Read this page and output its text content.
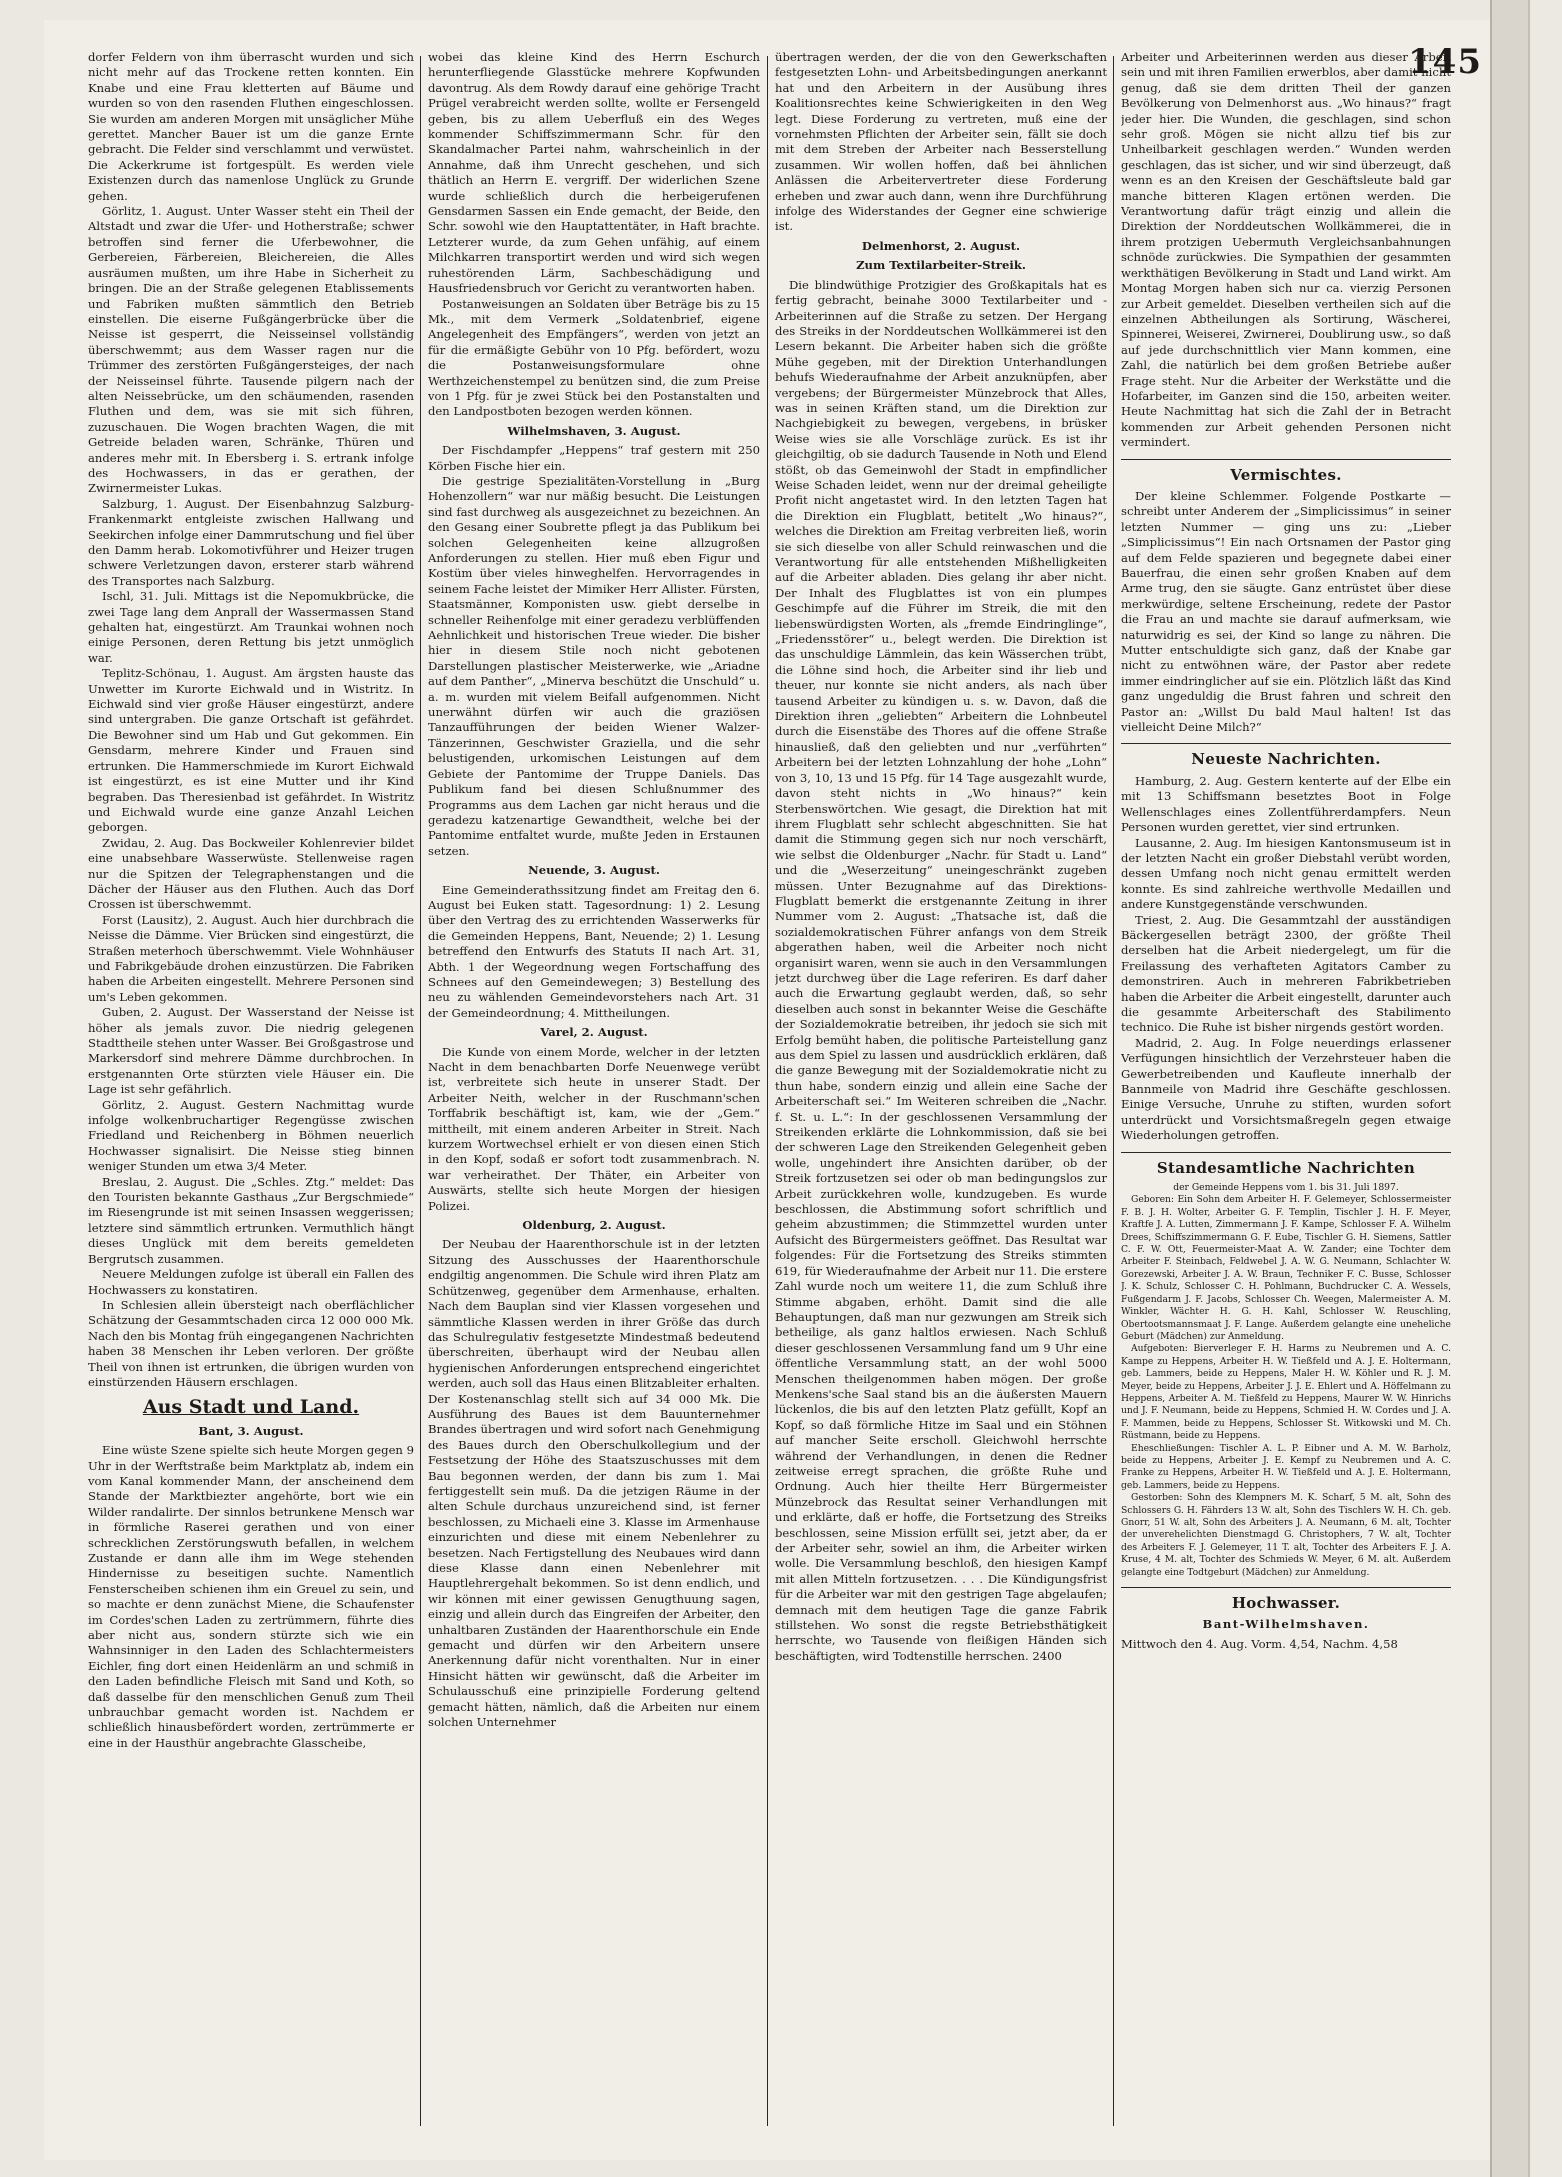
145

dorfer Feldern von ihm überrascht wurden und sich nicht mehr auf das Trockene retten konnten. Ein Knabe und eine Frau kletterten auf Bäume und wurden so von den rasenden Fluthen eingeschlossen. Sie wurden am anderen Morgen mit unsäglicher Mühe gerettet. Mancher Bauer ist um die ganze Ernte gebracht. Die Felder sind verschlammt und verwüstet. Die Ackerkrume ist fortgespült. Es werden viele Existenzen durch das namenlose Unglück zu Grunde gehen.

Görlitz, 1. August. Unter Wasser steht ein Theil der Altstadt und zwar die Ufer- und Hotherstraße; schwer betroffen sind ferner die Uferbewohner, die Gerbereien, Färbereien, Bleichereien, die Alles ausräumen mußten, um ihre Habe in Sicherheit zu bringen. Die an der Straße gelegenen Etablissements und Fabriken mußten sämmtlich den Betrieb einstellen. Die eiserne Fußgängerbrücke über die Neisse ist gesperrt, die Neisseinsel vollständig überschwemmt; aus dem Wasser ragen nur die Trümmer des zerstörten Fußgängersteiges, der nach der Neisseinsel führte. Tausende pilgern nach der alten Neissebrücke, um den schäumenden, rasenden Fluthen und dem, was sie mit sich führen, zuzuschauen. Die Wogen brachten Wagen, die mit Getreide beladen waren, Schränke, Thüren und anderes mehr mit. In Ebersberg i. S. ertrank infolge des Hochwassers, in das er gerathen, der Zwirnermeister Lukas.

Salzburg, 1. August. Der Eisenbahnzug Salzburg-Frankenmarkt entgleiste zwischen Hallwang und Seekirchen infolge einer Dammrutschung und fiel über den Damm herab. Lokomotivführer und Heizer trugen schwere Verletzungen davon, ersterer starb während des Transportes nach Salzburg.

Ischl, 31. Juli. Mittags ist die Nepomukbrücke, die zwei Tage lang dem Anprall der Wassermassen Stand gehalten hat, eingestürzt. Am Traunkai wohnen noch einige Personen, deren Rettung bis jetzt unmöglich war.

Teplitz-Schönau, 1. August. Am ärgsten hauste das Unwetter im Kurorte Eichwald und in Wistritz. In Eichwald sind vier große Häuser eingestürzt, andere sind untergraben. Die ganze Ortschaft ist gefährdet. Die Bewohner sind um Hab und Gut gekommen. Ein Gensdarm, mehrere Kinder und Frauen sind ertrunken. Die Hammerschmiede im Kurort Eichwald ist eingestürzt, es ist eine Mutter und ihr Kind begraben. Das Theresienbad ist gefährdet. In Wistritz und Eichwald wurde eine ganze Anzahl Leichen geborgen.

Zwidau, 2. Aug. Das Bockweiler Kohlenrevier bildet eine unabsehbare Wasserwüste. Stellenweise ragen nur die Spitzen der Telegraphenstangen und die Dächer der Häuser aus den Fluthen. Auch das Dorf Crossen ist überschwemmt.

Forst (Lausitz), 2. August. Auch hier durchbrach die Neisse die Dämme. Vier Brücken sind eingestürzt, die Straßen meterhoch überschwemmt. Viele Wohnhäuser und Fabrikgebäude drohen einzustürzen. Die Fabriken haben die Arbeiten eingestellt. Mehrere Personen sind um's Leben gekommen.

Guben, 2. August. Der Wasserstand der Neisse ist höher als jemals zuvor. Die niedrig gelegenen Stadttheile stehen unter Wasser. Bei Großgastrose und Markersdorf sind mehrere Dämme durchbrochen. In erstgenannten Orte stürzten viele Häuser ein. Die Lage ist sehr gefährlich.

Görlitz, 2. August. Gestern Nachmittag wurde infolge wolkenbruchartiger Regengüsse zwischen Friedland und Reichenberg in Böhmen neuerlich Hochwasser signalisirt. Die Neisse stieg binnen weniger Stunden um etwa 3/4 Meter.

Breslau, 2. August. Die „Schles. Ztg.“ meldet: Das den Touristen bekannte Gasthaus „Zur Bergschmiede“ im Riesengrunde ist mit seinen Insassen weggerissen; letztere sind sämmtlich ertrunken. Vermuthlich hängt dieses Unglück mit dem bereits gemeldeten Bergrutsch zusammen.

Neuere Meldungen zufolge ist überall ein Fallen des Hochwassers zu konstatiren.

In Schlesien allein übersteigt nach oberflächlicher Schätzung der Gesammtschaden circa 12 000 000 Mk. Nach den bis Montag früh eingegangenen Nachrichten haben 38 Menschen ihr Leben verloren. Der größte Theil von ihnen ist ertrunken, die übrigen wurden von einstürzenden Häusern erschlagen.

Aus Stadt und Land.
Bant, 3. August.

Eine wüste Szene spielte sich heute Morgen gegen 9 Uhr in der Werftstraße beim Marktplatz ab, indem ein vom Kanal kommender Mann, der anscheinend dem Stande der Marktbiezter angehörte, bort wie ein Wilder randalirte. Der sinnlos betrunkene Mensch war in förmliche Raserei gerathen und von einer schrecklichen Zerstörungswuth befallen, in welchem Zustande er dann alle ihm im Wege stehenden Hindernisse zu beseitigen suchte. Namentlich Fensterscheiben schienen ihm ein Greuel zu sein, und so machte er denn zunächst Miene, die Schaufenster im Cordes'schen Laden zu zertrümmern, führte dies aber nicht aus, sondern stürzte sich wie ein Wahnsinniger in den Laden des Schlachtermeisters Eichler, fing dort einen Heidenlärm an und schmiß in den Laden befindliche Fleisch mit Sand und Koth, so daß dasselbe für den menschlichen Genuß zum Theil unbrauchbar gemacht worden ist. Nachdem er schließlich hinausbefördert worden, zertrümmerte er eine in der Hausthür angebrachte Glasscheibe,

wobei das kleine Kind des Herrn Eschurch herunterfliegende Glasstücke mehrere Kopfwunden davontrug. Als dem Rowdy darauf eine gehörige Tracht Prügel verabreicht werden sollte, wollte er Fersengeld geben, bis zu allem Ueberfluß ein des Weges kommender Schiffszimmermann Schr. für den Skandalmacher Partei nahm, wahrscheinlich in der Annahme, daß ihm Unrecht geschehen, und sich thätlich an Herrn E. vergriff. Der widerlichen Szene wurde schließlich durch die herbeigerufenen Gensdarmen Sassen ein Ende gemacht, der Beide, den Schr. sowohl wie den Hauptattentäter, in Haft brachte. Letzterer wurde, da zum Gehen unfähig, auf einem Milchkarren transportirt werden und wird sich wegen ruhestörenden Lärm, Sachbeschädigung und Hausfriedensbruch vor Gericht zu verantworten haben.

Postanweisungen an Soldaten über Beträge bis zu 15 Mk., mit dem Vermerk „Soldatenbrief, eigene Angelegenheit des Empfängers“, werden von jetzt an für die ermäßigte Gebühr von 10 Pfg. befördert, wozu die Postanweisungsformulare ohne Werthzeichenstempel zu benützen sind, die zum Preise von 1 Pfg. für je zwei Stück bei den Postanstalten und den Landpostboten bezogen werden können.

Wilhelmshaven, 3. August.

Der Fischdampfer „Heppens“ traf gestern mit 250 Körben Fische hier ein.

Die gestrige Spezialitäten-Vorstellung in „Burg Hohenzollern“ war nur mäßig besucht. Die Leistungen sind fast durchweg als ausgezeichnet zu bezeichnen. An den Gesang einer Soubrette pflegt ja das Publikum bei solchen Gelegenheiten keine allzugroßen Anforderungen zu stellen. Hier muß eben Figur und Kostüm über vieles hinweghelfen. Hervorragendes in seinem Fache leistet der Mimiker Herr Allister. Fürsten, Staatsmänner, Komponisten usw. giebt derselbe in schneller Reihenfolge mit einer geradezu verblüffenden Aehnlichkeit und historischen Treue wieder. Die bisher hier in diesem Stile noch nicht gebotenen Darstellungen plastischer Meisterwerke, wie „Ariadne auf dem Panther“, „Minerva beschützt die Unschuld“ u. a. m. wurden mit vielem Beifall aufgenommen. Nicht unerwähnt dürfen wir auch die graziösen Tanzaufführungen der beiden Wiener Walzer-Tänzerinnen, Geschwister Graziella, und die sehr belustigenden, urkomischen Leistungen auf dem Gebiete der Pantomime der Truppe Daniels. Das Publikum fand bei diesen Schlußnummer des Programms aus dem Lachen gar nicht heraus und die geradezu katzenartige Gewandtheit, welche bei der Pantomime entfaltet wurde, mußte Jeden in Erstaunen setzen.

Neuende, 3. August.

Eine Gemeinderathssitzung findet am Freitag den 6. August bei Euken statt. Tagesordnung: 1) 2. Lesung über den Vertrag des zu errichtenden Wasserwerks für die Gemeinden Heppens, Bant, Neuende; 2) 1. Lesung betreffend den Entwurfs des Statuts II nach Art. 31, Abth. 1 der Wegeordnung wegen Fortschaffung des Schnees auf den Gemeindewegen; 3) Bestellung des neu zu wählenden Gemeindevorstehers nach Art. 31 der Gemeindeordnung; 4. Mittheilungen.

Varel, 2. August.

Die Kunde von einem Morde, welcher in der letzten Nacht in dem benachbarten Dorfe Neuenwege verübt ist, verbreitete sich heute in unserer Stadt. Der Arbeiter Neith, welcher in der Ruschmann'schen Torffabrik beschäftigt ist, kam, wie der „Gem.“ mittheilt, mit einem anderen Arbeiter in Streit. Nach kurzem Wortwechsel erhielt er von diesen einen Stich in den Kopf, sodaß er sofort todt zusammenbrach. N. war verheirathet. Der Thäter, ein Arbeiter von Auswärts, stellte sich heute Morgen der hiesigen Polizei.

Oldenburg, 2. August.

Der Neubau der Haarenthorschule ist in der letzten Sitzung des Ausschusses der Haarenthorschule endgiltig angenommen. Die Schule wird ihren Platz am Schützenweg, gegenüber dem Armenhause, erhalten. Nach dem Bauplan sind vier Klassen vorgesehen und sämmtliche Klassen werden in ihrer Größe das durch das Schulregulativ festgesetzte Mindestmaß bedeutend überschreiten, überhaupt wird der Neubau allen hygienischen Anforderungen entsprechend eingerichtet werden, auch soll das Haus einen Blitzableiter erhalten. Der Kostenanschlag stellt sich auf 34 000 Mk. Die Ausführung des Baues ist dem Bauunternehmer Brandes übertragen und wird sofort nach Genehmigung des Baues durch den Oberschulkollegium und der Festsetzung der Höhe des Staatszuschusses mit dem Bau begonnen werden, der dann bis zum 1. Mai fertiggestellt sein muß. Da die jetzigen Räume in der alten Schule durchaus unzureichend sind, ist ferner beschlossen, zu Michaeli eine 3. Klasse im Armenhause einzurichten und diese mit einem Nebenlehrer zu besetzen. Nach Fertigstellung des Neubaues wird dann diese Klasse dann einen Nebenlehrer mit Hauptlehrergehalt bekommen. So ist denn endlich, und wir können mit einer gewissen Genugthuung sagen, einzig und allein durch das Eingreifen der Arbeiter, den unhaltbaren Zuständen der Haarenthorschule ein Ende gemacht und dürfen wir den Arbeitern unsere Anerkennung dafür nicht vorenthalten. Nur in einer Hinsicht hätten wir gewünscht, daß die Arbeiter im Schulausschuß eine prinzipielle Forderung geltend gemacht hätten, nämlich, daß die Arbeiten nur einem solchen Unternehmer

übertragen werden, der die von den Gewerkschaften festgesetzten Lohn- und Arbeitsbedingungen anerkannt hat und den Arbeitern in der Ausübung ihres Koalitionsrechtes keine Schwierigkeiten in den Weg legt. Diese Forderung zu vertreten, muß eine der vornehmsten Pflichten der Arbeiter sein, fällt sie doch mit dem Streben der Arbeiter nach Besserstellung zusammen. Wir wollen hoffen, daß bei ähnlichen Anlässen die Arbeitervertreter diese Forderung erheben und zwar auch dann, wenn ihre Durchführung infolge des Widerstandes der Gegner eine schwierige ist.

Delmenhorst, 2. August.
Zum Textilarbeiter-Streik.

Die blindwüthige Protzigier des Großkapitals hat es fertig gebracht, beinahe 3000 Textilarbeiter und -Arbeiterinnen auf die Straße zu setzen. Der Hergang des Streiks in der Norddeutschen Wollkämmerei ist den Lesern bekannt. Die Arbeiter haben sich die größte Mühe gegeben, mit der Direktion Unterhandlungen behufs Wiederaufnahme der Arbeit anzuknüpfen, aber vergebens; der Bürgermeister Münzebrock that Alles, was in seinen Kräften stand, um die Direktion zur Nachgiebigkeit zu bewegen, vergebens, in brüsker Weise wies sie alle Vorschläge zurück. Es ist ihr gleichgiltig, ob sie dadurch Tausende in Noth und Elend stößt, ob das Gemeinwohl der Stadt in empfindlicher Weise Schaden leidet, wenn nur der dreimal geheiligte Profit nicht angetastet wird. In den letzten Tagen hat die Direktion ein Flugblatt, betitelt „Wo hinaus?“, welches die Direktion am Freitag verbreiten ließ, worin sie sich dieselbe von aller Schuld reinwaschen und die Verantwortung für alle entstehenden Mißhelligkeiten auf die Arbeiter abladen. Dies gelang ihr aber nicht. Der Inhalt des Flugblattes ist von ein plumpes Geschimpfe auf die Führer im Streik, die mit den liebenswürdigsten Worten, als „fremde Eindringlinge“, „Friedensstörer“ u., belegt werden. Die Direktion ist das unschuldige Lämmlein, das kein Wässerchen trübt, die Löhne sind hoch, die Arbeiter sind ihr lieb und theuer, nur konnte sie nicht anders, als nach über tausend Arbeiter zu kündigen u. s. w. Davon, daß die Direktion ihren „geliebten“ Arbeitern die Lohnbeutel durch die Eisenstäbe des Thores auf die offene Straße hinausließ, daß den geliebten und nur „verführten“ Arbeitern bei der letzten Lohnzahlung der hohe „Lohn“ von 3, 10, 13 und 15 Pfg. für 14 Tage ausgezahlt wurde, davon steht nichts in „Wo hinaus?“ kein Sterbenswörtchen. Wie gesagt, die Direktion hat mit ihrem Flugblatt sehr schlecht abgeschnitten. Sie hat damit die Stimmung gegen sich nur noch verschärft, wie selbst die Oldenburger „Nachr. für Stadt u. Land“ und die „Weserzeitung“ uneingeschränkt zugeben müssen. Unter Bezugnahme auf das Direktions-Flugblatt bemerkt die erstgenannte Zeitung in ihrer Nummer vom 2. August: „Thatsache ist, daß die sozialdemokratischen Führer anfangs von dem Streik abgerathen haben, weil die Arbeiter noch nicht organisirt waren, wenn sie auch in den Versammlungen jetzt durchweg über die Lage referiren. Es darf daher auch die Erwartung geglaubt werden, daß, so sehr dieselben auch sonst in bekannter Weise die Geschäfte der Sozialdemokratie betreiben, ihr jedoch sie sich mit Erfolg bemüht haben, die politische Parteistellung ganz aus dem Spiel zu lassen und ausdrücklich erklären, daß die ganze Bewegung mit der Sozialdemokratie nicht zu thun habe, sondern einzig und allein eine Sache der Arbeiterschaft sei.“ Im Weiteren schreiben die „Nachr. f. St. u. L.“: In der geschlossenen Versammlung der Streikenden erklärte die Lohnkommission, daß sie bei der schweren Lage den Streikenden Gelegenheit geben wolle, ungehindert ihre Ansichten darüber, ob der Streik fortzusetzen sei oder ob man bedingungslos zur Arbeit zurückkehren wolle, kundzugeben. Es wurde beschlossen, die Abstimmung sofort schriftlich und geheim abzustimmen; die Stimmzettel wurden unter Aufsicht des Bürgermeisters geöffnet. Das Resultat war folgendes: Für die Fortsetzung des Streiks stimmten 619, für Wiederaufnahme der Arbeit nur 11. Die erstere Zahl wurde noch um weitere 11, die zum Schluß ihre Stimme abgaben, erhöht. Damit sind die alle Behauptungen, daß man nur gezwungen am Streik sich betheilige, als ganz haltlos erwiesen. Nach Schluß dieser geschlossenen Versammlung fand um 9 Uhr eine öffentliche Versammlung statt, an der wohl 5000 Menschen theilgenommen haben mögen. Der große Menkens'sche Saal stand bis an die äußersten Mauern lückenlos, die bis auf den letzten Platz gefüllt, Kopf an Kopf, so daß förmliche Hitze im Saal und ein Stöhnen auf mancher Seite erscholl. Gleichwohl herrschte während der Verhandlungen, in denen die Redner zeitweise erregt sprachen, die größte Ruhe und Ordnung. Auch hier theilte Herr Bürgermeister Münzebrock das Resultat seiner Verhandlungen mit und erklärte, daß er hoffe, die Fortsetzung des Streiks beschlossen, seine Mission erfüllt sei, jetzt aber, da er der Arbeiter sehr, sowiel an ihm, die Arbeiter wirken wolle. Die Versammlung beschloß, den hiesigen Kampf mit allen Mitteln fortzusetzen. . . . Die Kündigungsfrist für die Arbeiter war mit den gestrigen Tage abgelaufen; demnach mit dem heutigen Tage die ganze Fabrik stillstehen. Wo sonst die regste Betriebsthätigkeit herrschte, wo Tausende von fleißigen Händen sich beschäftigten, wird Todtenstille herrschen. 2400

Arbeiter und Arbeiterinnen werden aus dieser Arbeit sein und mit ihren Familien erwerblos, aber damit nicht genug, daß sie dem dritten Theil der ganzen Bevölkerung von Delmenhorst aus. „Wo hinaus?“ fragt jeder hier. Die Wunden, die geschlagen, sind schon sehr groß. Mögen sie nicht allzu tief bis zur Unheilbarkeit geschlagen werden.“ Wunden werden geschlagen, das ist sicher, und wir sind überzeugt, daß wenn es an den Kreisen der Geschäftsleute bald gar manche bitteren Klagen ertönen werden. Die Verantwortung dafür trägt einzig und allein die Direktion der Norddeutschen Wollkämmerei, die in ihrem protzigen Uebermuth Vergleichsanbahnungen schnöde zurückwies. Die Sympathien der gesammten werkthätigen Bevölkerung in Stadt und Land wirkt. Am Montag Morgen haben sich nur ca. vierzig Personen zur Arbeit gemeldet. Dieselben vertheilen sich auf die einzelnen Abtheilungen als Sortirung, Wäscherei, Spinnerei, Weiserei, Zwirnerei, Doublirung usw., so daß auf jede durchschnittlich vier Mann kommen, eine Zahl, die natürlich bei dem großen Betriebe außer Frage steht. Nur die Arbeiter der Werkstätte und die Hofarbeiter, im Ganzen sind die 150, arbeiten weiter. Heute Nachmittag hat sich die Zahl der in Betracht kommenden zur Arbeit gehenden Personen nicht vermindert.

Vermischtes.

Der kleine Schlemmer. Folgende Postkarte — schreibt unter Anderem der „Simplicissimus“ in seiner letzten Nummer — ging uns zu: „Lieber „Simplicissimus“! Ein nach Ortsnamen der Pastor ging auf dem Felde spazieren und begegnete dabei einer Bauerfrau, die einen sehr großen Knaben auf dem Arme trug, den sie säugte. Ganz entrüstet über diese merkwürdige, seltene Erscheinung, redete der Pastor die Frau an und machte sie darauf aufmerksam, wie naturwidrig es sei, der Kind so lange zu nähren. Die Mutter entschuldigte sich ganz, daß der Knabe gar nicht zu entwöhnen wäre, der Pastor aber redete immer eindringlicher auf sie ein. Plötzlich läßt das Kind ganz ungeduldig die Brust fahren und schreit den Pastor an: „Willst Du bald Maul halten! Ist das vielleicht Deine Milch?“

Neueste Nachrichten.

Hamburg, 2. Aug. Gestern kenterte auf der Elbe ein mit 13 Schiffsmann besetztes Boot in Folge Wellenschlages eines Zollentführerdampfers. Neun Personen wurden gerettet, vier sind ertrunken.

Lausanne, 2. Aug. Im hiesigen Kantonsmuseum ist in der letzten Nacht ein großer Diebstahl verübt worden, dessen Umfang noch nicht genau ermittelt werden konnte. Es sind zahlreiche werthvolle Medaillen und andere Kunstgegenstände verschwunden.

Triest, 2. Aug. Die Gesammtzahl der ausständigen Bäckergesellen beträgt 2300, der größte Theil derselben hat die Arbeit niedergelegt, um für die Freilassung des verhafteten Agitators Camber zu demonstriren. Auch in mehreren Fabrikbetrieben haben die Arbeiter die Arbeit eingestellt, darunter auch die gesammte Arbeiterschaft des Stabilimento technico. Die Ruhe ist bisher nirgends gestört worden.

Madrid, 2. Aug. In Folge neuerdings erlassener Verfügungen hinsichtlich der Verzehrsteuer haben die Gewerbetreibenden und Kaufleute innerhalb der Bannmeile von Madrid ihre Geschäfte geschlossen. Einige Versuche, Unruhe zu stiften, wurden sofort unterdrückt und Vorsichtsmaßregeln gegen etwaige Wiederholungen getroffen.

Standesamtliche Nachrichten

der Gemeinde Heppens vom 1. bis 31. Juli 1897.

Geboren: Ein Sohn dem Arbeiter H. F. Gelemeyer, Schlossermeister F. B. J. H. Wolter, Arbeiter G. F. Templin, Tischler J. H. F. Meyer, Kraftfe J. A. Lutten, Zimmermann J. F. Kampe, Schlosser F. A. Wilhelm Drees, Schiffszimmermann G. F. Eube, Tischler G. H. Siemens, Sattler C. F. W. Ott, Feuermeister-Maat A. W. Zander; eine Tochter dem Arbeiter F. Steinbach, Feldwebel J. A. W. G. Neumann, Schlachter W. Gorezewski, Arbeiter J. A. W. Braun, Techniker F. C. Busse, Schlosser J. K. Schulz, Schlosser C. H. Pohlmann, Buchdrucker C. A. Wessels, Fußgendarm J. F. Jacobs, Schlosser Ch. Weegen, Malermeister A. M. Winkler, Wächter H. G. H. Kahl, Schlosser W. Reuschling, Obertootsmannsmaat J. F. Lange. Außerdem gelangte eine uneheliche Geburt (Mädchen) zur Anmeldung.

Aufgeboten: Bierverleger F. H. Harms zu Neubremen und A. C. Kampe zu Heppens, Arbeiter H. W. Tießfeld und A. J. E. Holtermann, geb. Lammers, beide zu Heppens, Maler H. W. Köhler und R. J. M. Meyer, beide zu Heppens, Arbeiter J. J. E. Ehlert und A. Höffelmann zu Heppens, Arbeiter A. M. Tießfeld zu Heppens, Maurer W. W. Hinrichs und J. F. Neumann, beide zu Heppens, Schmied H. W. Cordes und J. A. F. Mammen, beide zu Heppens, Schlosser St. Witkowski und M. Ch. Rüstmann, beide zu Heppens.

Eheschließungen: Tischler A. L. P. Eibner und A. M. W. Barholz, beide zu Heppens, Arbeiter J. E. Kempf zu Neubremen und A. C. Franke zu Heppens, Arbeiter H. W. Tießfeld und A. J. E. Holtermann, geb. Lammers, beide zu Heppens.

Gestorben: Sohn des Klempners M. K. Scharf, 5 M. alt, Sohn des Schlossers G. H. Fährders 13 W. alt, Sohn des Tischlers W. H. Ch. geb. Gnorr, 51 W. alt, Sohn des Arbeiters J. A. Neumann, 6 M. alt, Tochter der unverehelichten Dienstmagd G. Christophers, 7 W. alt, Tochter des Arbeiters F. J. Gelemeyer, 11 T. alt, Tochter des Arbeiters F. J. A. Kruse, 4 M. alt, Tochter des Schmieds W. Meyer, 6 M. alt. Außerdem gelangte eine Todtgeburt (Mädchen) zur Anmeldung.

Hochwasser.
Bant-Wilhelmshaven.

Mittwoch den 4. Aug. Vorm. 4,54, Nachm. 4,58
